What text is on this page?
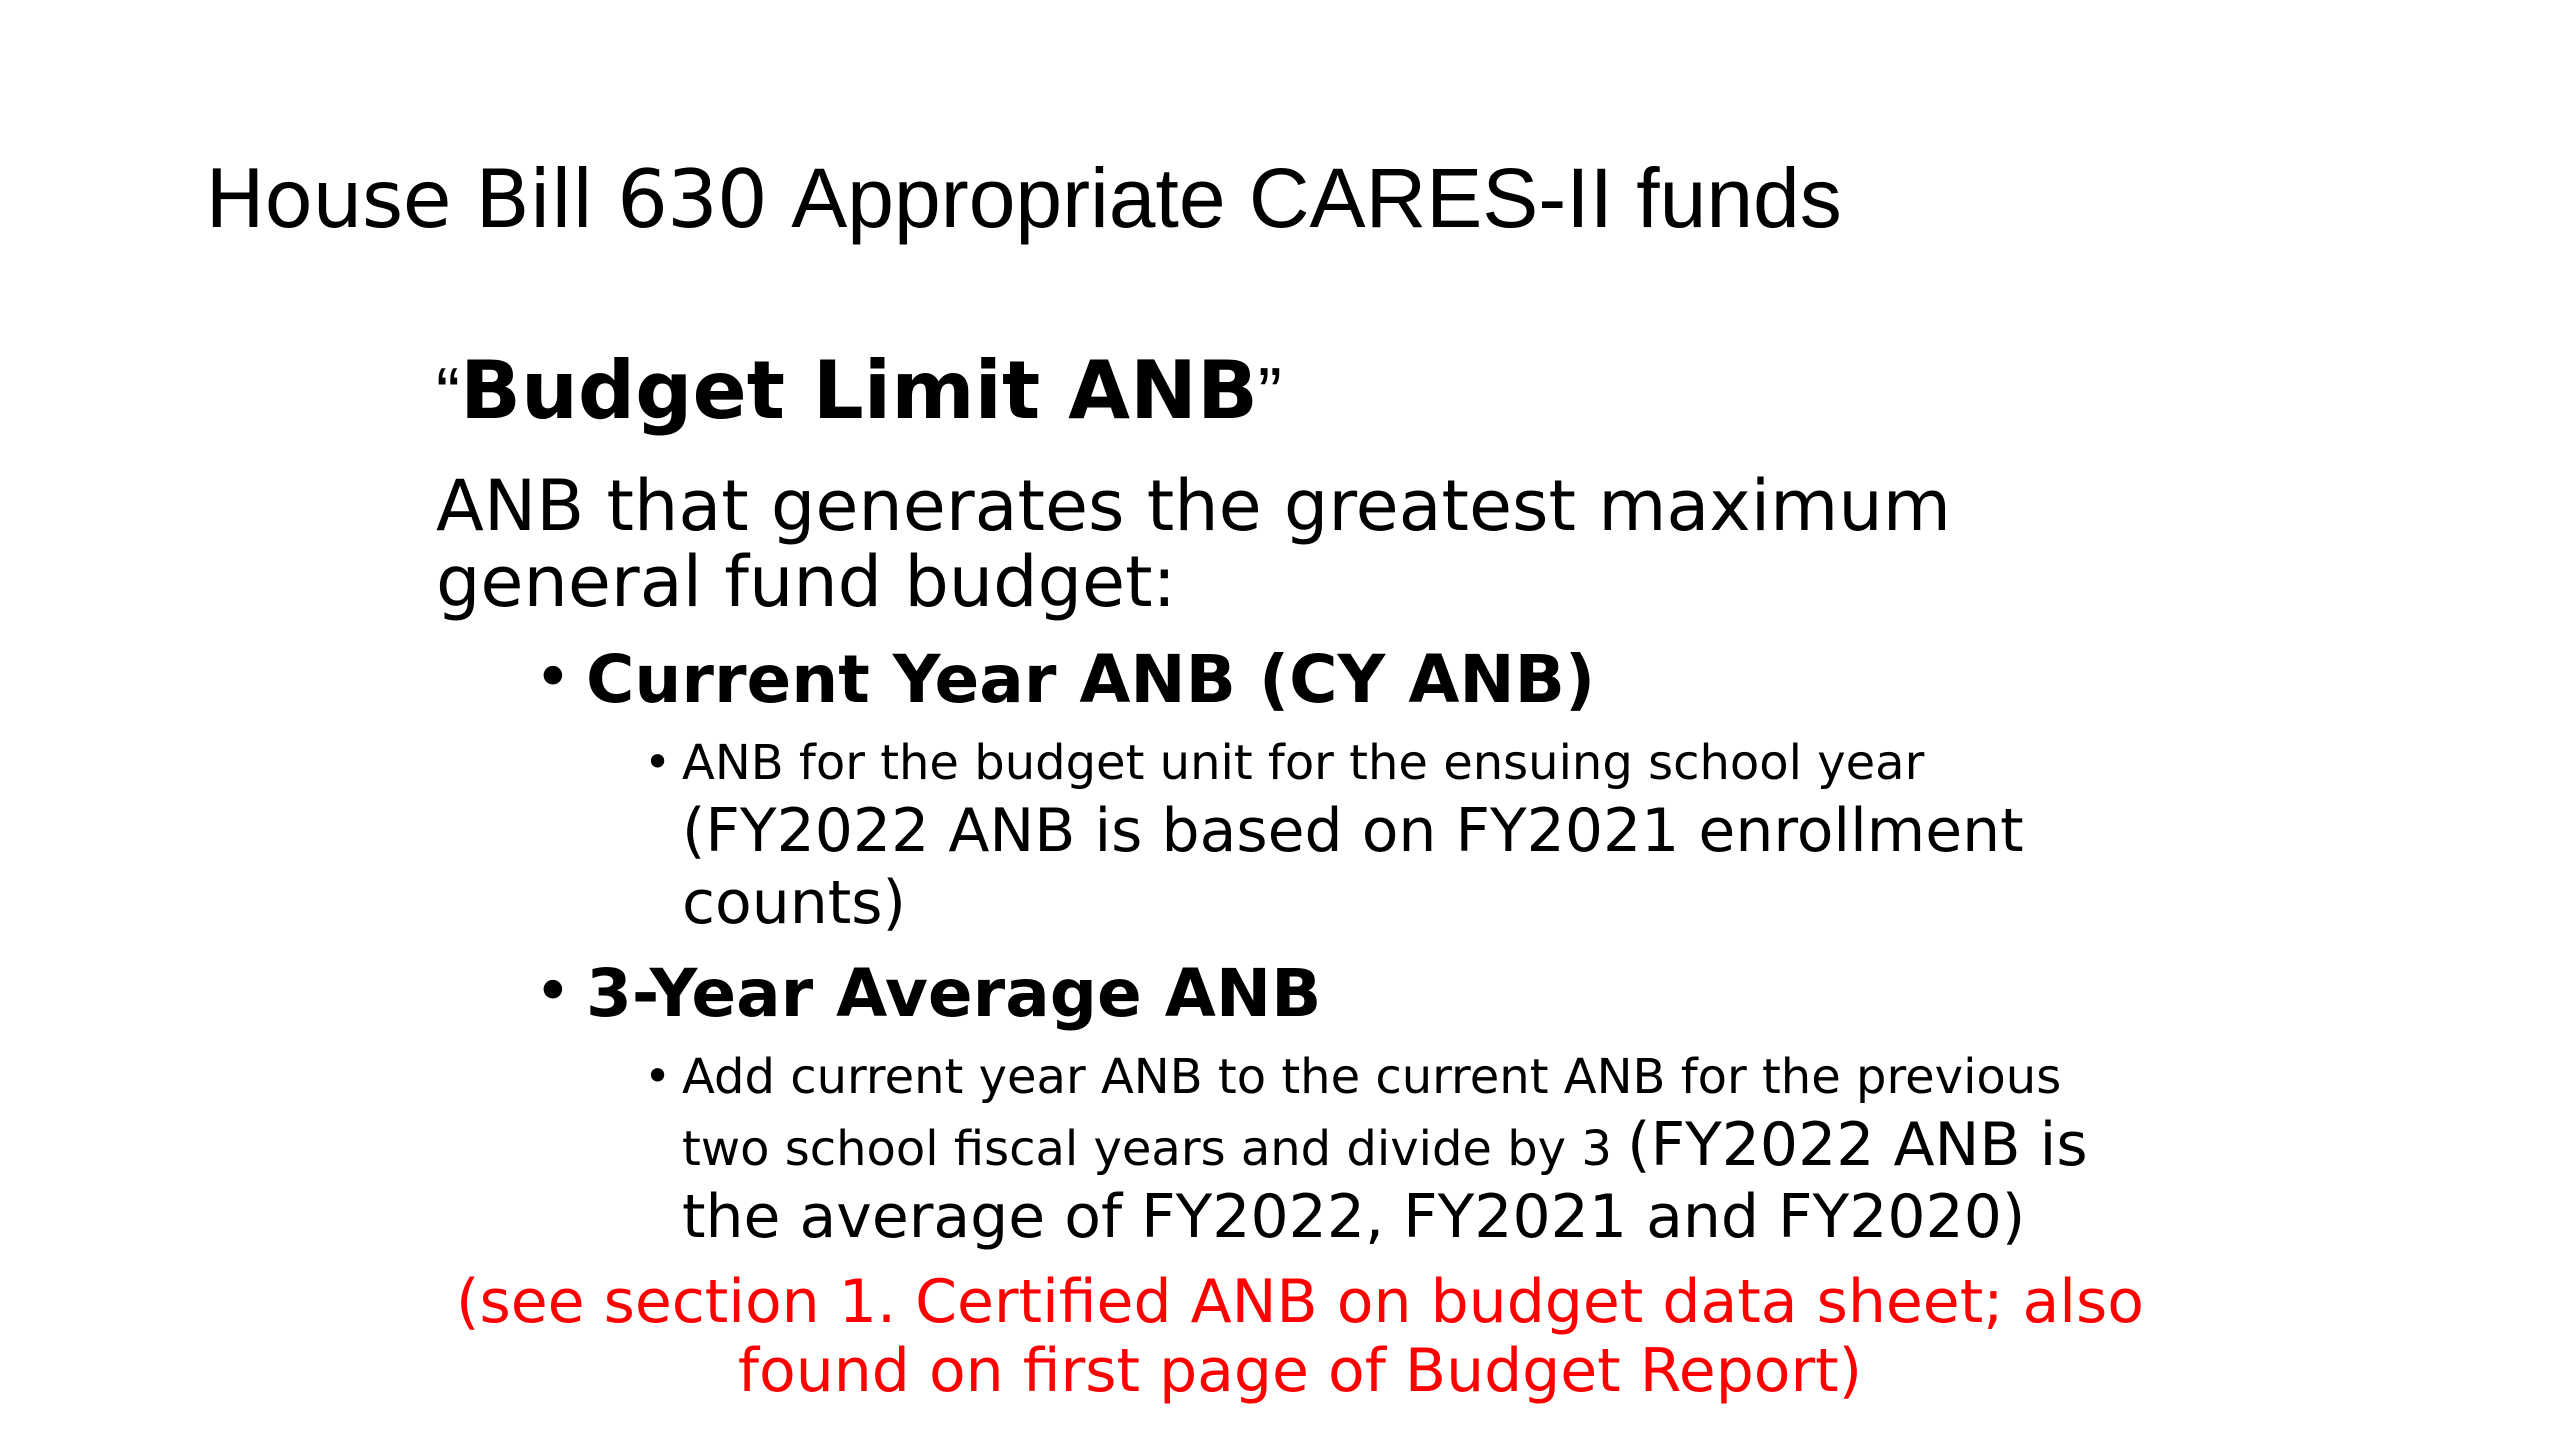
House Bill 630 Appropriate CARES-II funds
“Budget Limit ANB”

ANB that generates the greatest maximum general fund budget:

• Current Year ANB (CY ANB)
• ANB for the budget unit for the ensuing school year
(FY2022 ANB is based on FY2021 enrollment counts)
• 3-Year Average ANB
• Add current year ANB to the current ANB for the previous two school fiscal years and divide by 3 (FY2022 ANB is the average of FY2022, FY2021 and FY2020)

(see section 1. Certified ANB on budget data sheet; also found on first page of Budget Report)
